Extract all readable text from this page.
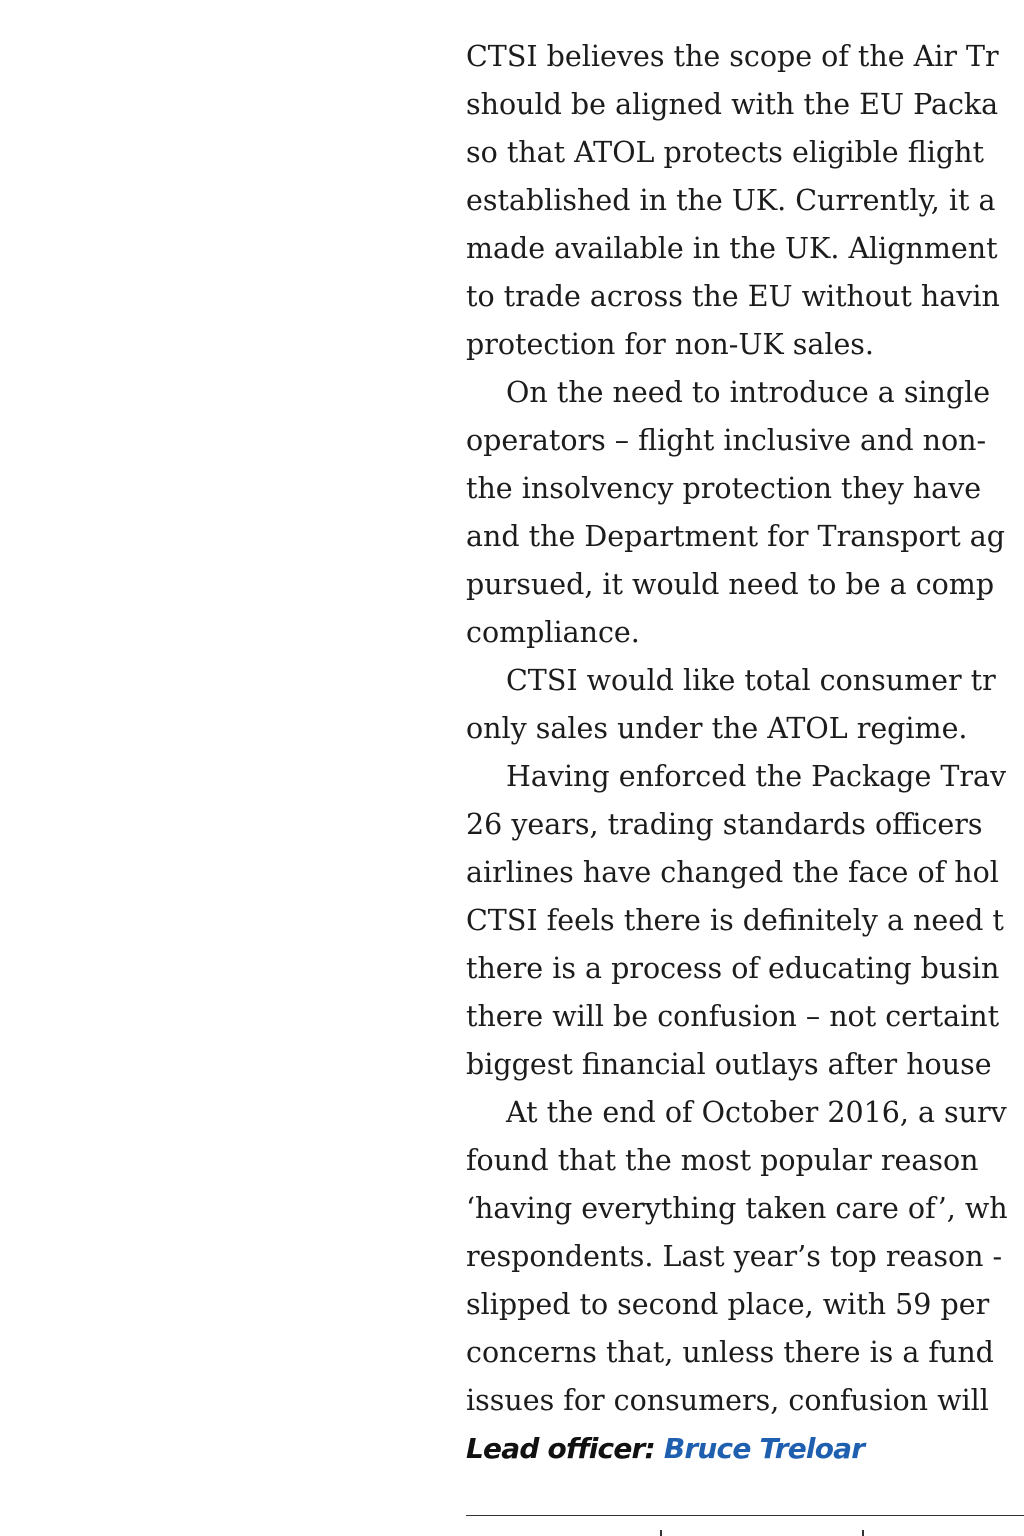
CTSI believes the scope of the Air Tr
should be aligned with the EU Packa
so that ATOL protects eligible flight
established in the UK. Currently, it a
made available in the UK. Alignment
to trade across the EU without havin
protection for non-UK sales.
On the need to introduce a single
operators – flight inclusive and non-
the insolvency protection they have
and the Department for Transport ag
pursued, it would need to be a comp
compliance.
CTSI would like total consumer tr
only sales under the ATOL regime.
Having enforced the Package Trav
26 years, trading standards officers
airlines have changed the face of hol
CTSI feels there is definitely a need t
there is a process of educating busin
there will be confusion – not certaint
biggest financial outlays after house
At the end of October 2016, a surv
found that the most popular reason
‘having everything taken care of’, wh
respondents. Last year’s top reason -
slipped to second place, with 59 per
concerns that, unless there is a fund
issues for consumers, confusion will
Lead officer: Bruce Treloar
